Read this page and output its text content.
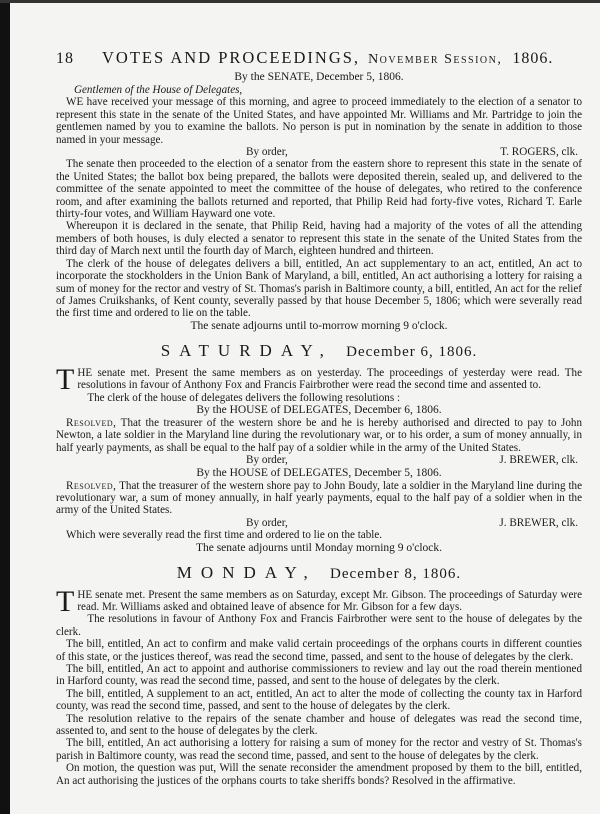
18 VOTES AND PROCEEDINGS, November Session, 1806.
By the SENATE, December 5, 1806.

Gentlemen of the House of Delegates,

WE have received your message of this morning, and agree to proceed immediately to the election of a senator to represent this state in the senate of the United States, and have appointed Mr. Williams and Mr. Partridge to join the gentlemen named by you to examine the ballots. No person is put in nomination by the senate in addition to those named in your message.

By order,	T. ROGERS, clk.

The senate then proceeded to the election of a senator from the eastern shore to represent this state in the senate of the United States; the ballot box being prepared, the ballots were deposited therein, sealed up, and delivered to the committee of the senate appointed to meet the committee of the house of delegates, who retired to the conference room, and after examining the ballots returned and reported, that Philip Reid had forty-five votes, Richard T. Earle thirty-four votes, and William Hayward one vote.

Whereupon it is declared in the senate, that Philip Reid, having had a majority of the votes of all the attending members of both houses, is duly elected a senator to represent this state in the senate of the United States from the third day of March next until the fourth day of March, eighteen hundred and thirteen.

The clerk of the house of delegates delivers a bill, entitled, An act supplementary to an act, entitled, An act to incorporate the stockholders in the Union Bank of Maryland, a bill, entitled, An act authorising a lottery for raising a sum of money for the rector and vestry of St. Thomas's parish in Baltimore county, a bill, entitled, An act for the relief of James Cruikshanks, of Kent county, severally passed by that house December 5, 1806; which were severally read the first time and ordered to lie on the table.

The senate adjourns until to-morrow morning 9 o'clock.
SATURDAY, December 6, 1806.

THE senate met. Present the same members as on yesterday. The proceedings of yesterday were read. The resolutions in favour of Anthony Fox and Francis Fairbrother were read the second time and assented to.

The clerk of the house of delegates delivers the following resolutions :

By the HOUSE of DELEGATES, December 6, 1806.

Resolved, That the treasurer of the western shore be and he is hereby authorised and directed to pay to John Newton, a late soldier in the Maryland line during the revolutionary war, or to his order, a sum of money annually, in half yearly payments, as shall be equal to the half pay of a soldier while in the army of the United States.

By order,	J. BREWER, clk.
By the HOUSE of DELEGATES, December 5, 1806.

Resolved, That the treasurer of the western shore pay to John Boudy, late a soldier in the Maryland line during the revolutionary war, a sum of money annually, in half yearly payments, equal to the half pay of a soldier when in the army of the United States.

By order,	J. BREWER, clk.

Which were severally read the first time and ordered to lie on the table.

The senate adjourns until Monday morning 9 o'clock.
MONDAY, December 8, 1806.

THE senate met. Present the same members as on Saturday, except Mr. Gibson. The proceedings of Saturday were read. Mr. Williams asked and obtained leave of absence for Mr. Gibson for a few days.

The resolutions in favour of Anthony Fox and Francis Fairbrother were sent to the house of delegates by the clerk.

The bill, entitled, An act to confirm and make valid certain proceedings of the orphans courts in different counties of this state, or the justices thereof, was read the second time, passed, and sent to the house of delegates by the clerk.

The bill, entitled, An act to appoint and authorise commissioners to review and lay out the road therein mentioned in Harford county, was read the second time, passed, and sent to the house of delegates by the clerk.

The bill, entitled, A supplement to an act, entitled, An act to alter the mode of collecting the county tax in Harford county, was read the second time, passed, and sent to the house of delegates by the clerk.

The resolution relative to the repairs of the senate chamber and house of delegates was read the second time, assented to, and sent to the house of delegates by the clerk.

The bill, entitled, An act authorising a lottery for raising a sum of money for the rector and vestry of St. Thomas's parish in Baltimore county, was read the second time, passed, and sent to the house of delegates by the clerk.

On motion, the question was put, Will the senate reconsider the amendment proposed by them to the bill, entitled, An act authorising the justices of the orphans courts to take sheriffs bonds? Resolved in the affirmative.
